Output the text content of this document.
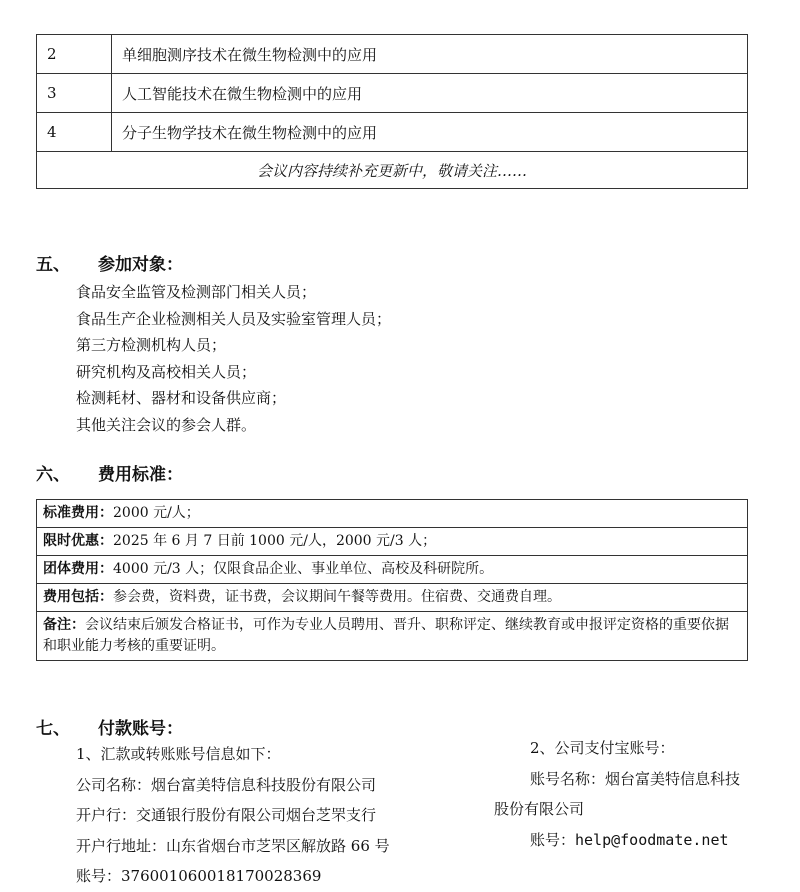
2	单细胞测序技术在微生物检测中的应用
3	人工智能技术在微生物检测中的应用
4	分子生物学技术在微生物检测中的应用
会议内容持续补充更新中，敬请关注……	
五、 参加对象：
食品安全监管及检测部门相关人员；
食品生产企业检测相关人员及实验室管理人员；
第三方检测机构人员；
研究机构及高校相关人员；
检测耗材、器材和设备供应商；
其他关注会议的参会人群。
六、 费用标准：
标准费用：2000 元/人；
限时优惠：2025 年 6 月 7 日前 1000 元/人，2000 元/3 人；
团体费用：4000 元/3 人；仅限食品企业、事业单位、高校及科研院所。
费用包括：参会费，资料费，证书费，会议期间午餐等费用。住宿费、交通费自理。
备注：会议结束后颁发合格证书，可作为专业人员聘用、晋升、职称评定、继续教育或申报评定资格的重要依据和职业能力考核的重要证明。
七、 付款账号：
1、汇款或转账账号信息如下：
公司名称：烟台富美特信息科技股份有限公司
开户行：交通银行股份有限公司烟台芝罘支行
开户行地址：山东省烟台市芝罘区解放路 66 号
账号：376001060018170028369
2、公司支付宝账号：
账号名称：烟台富美特信息科技
股份有限公司
账号：help@foodmate.net
